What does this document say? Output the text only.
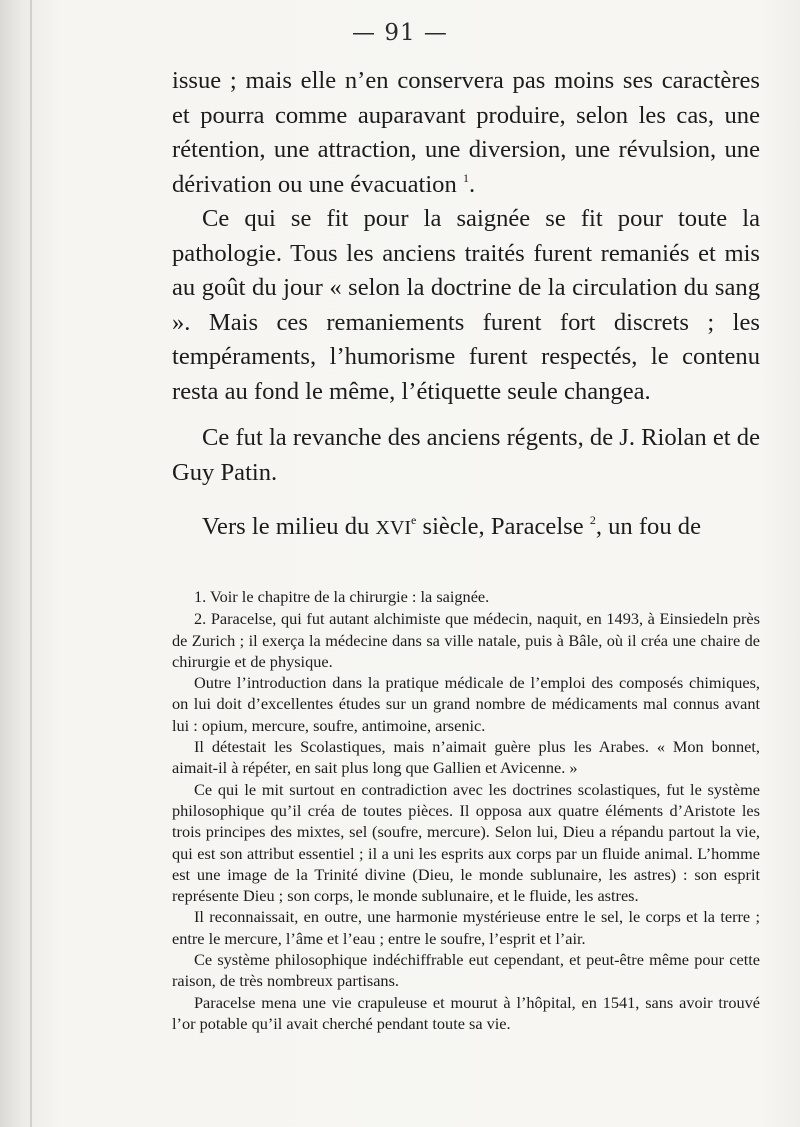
— 91 —

issue ; mais elle n’en conservera pas moins ses caractères et pourra comme auparavant produire, selon les cas, une rétention, une attraction, une diversion, une révulsion, une dérivation ou une évacuation $^1$.

Ce qui se fit pour la saignée se fit pour toute la pathologie. Tous les anciens traités furent remaniés et mis au goût du jour « selon la doctrine de la circulation du sang ». Mais ces remaniements furent fort discrets ; les tempéraments, l’humorisme furent respectés, le contenu resta au fond le même, l’étiquette seule changea.

Ce fut la revanche des anciens régents, de J. Riolan et de Guy Patin.

Vers le milieu du XVIe siècle, Paracelse $^2$, un fou de

1. Voir le chapitre de la chirurgie : la saignée.

2. Paracelse, qui fut autant alchimiste que médecin, naquit, en 1493, à Einsiedeln près de Zurich ; il exerça la médecine dans sa ville natale, puis à Bâle, où il créa une chaire de chirurgie et de physique.

Outre l’introduction dans la pratique médicale de l’emploi des composés chimiques, on lui doit d’excellentes études sur un grand nombre de médicaments mal connus avant lui : opium, mercure, soufre, antimoine, arsenic.

Il détestait les Scolastiques, mais n’aimait guère plus les Arabes. « Mon bonnet, aimait-il à répéter, en sait plus long que Gallien et Avicenne. »

Ce qui le mit surtout en contradiction avec les doctrines scolastiques, fut le système philosophique qu’il créa de toutes pièces. Il opposa aux quatre éléments d’Aristote les trois principes des mixtes, sel (soufre, mercure). Selon lui, Dieu a répandu partout la vie, qui est son attribut essentiel ; il a uni les esprits aux corps par un fluide animal. L’homme est une image de la Trinité divine (Dieu, le monde sublunaire, les astres) : son esprit représente Dieu ; son corps, le monde sublunaire, et le fluide, les astres.

Il reconnaissait, en outre, une harmonie mystérieuse entre le sel, le corps et la terre ; entre le mercure, l’âme et l’eau ; entre le soufre, l’esprit et l’air.

Ce système philosophique indéchiffrable eut cependant, et peut-être même pour cette raison, de très nombreux partisans.

Paracelse mena une vie crapuleuse et mourut à l’hôpital, en 1541, sans avoir trouvé l’or potable qu’il avait cherché pendant toute sa vie.
